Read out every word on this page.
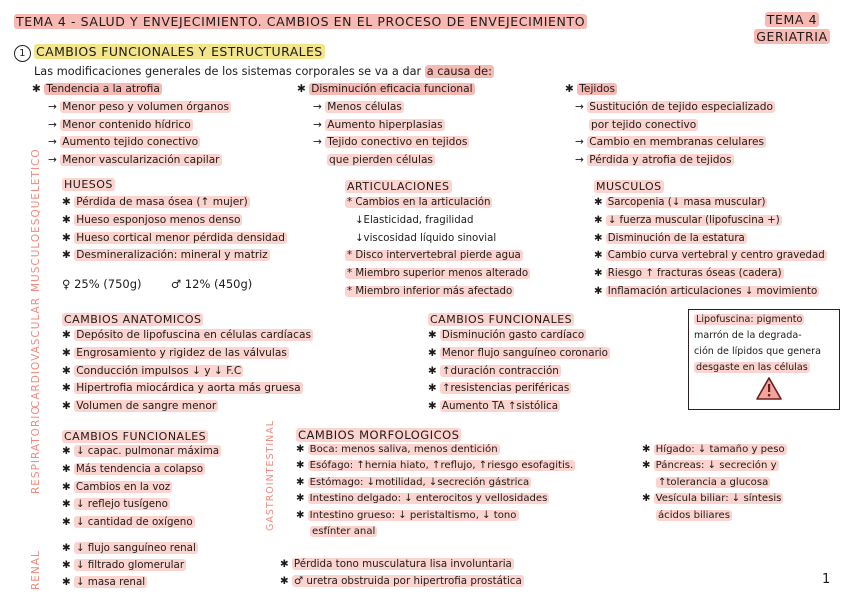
TEMA 4 - SALUD Y ENVEJECIMIENTO. CAMBIOS EN EL PROCESO DE ENVEJECIMIENTO	TEMA 4
GERIATRIA
1 CAMBIOS FUNCIONALES Y ESTRUCTURALES
Las modificaciones generales de los sistemas corporales se va a dar a causa de:
✱ Tendencia a la atrofia
→ Menor peso y volumen órganos
→ Menor contenido hídrico
→ Aumento tejido conectivo
→ Menor vascularización capilar
✱ Disminución eficacia funcional
→ Menos células
→ Aumento hiperplasias
→ Tejido conectivo en tejidos
que pierden células
✱ Tejidos
→ Sustitución de tejido especializado
por tejido conectivo
→ Cambio en membranas celulares
→ Pérdida y atrofia de tejidos
MUSCULOESQUELETICO HUESOS
✱ Pérdida de masa ósea (↑ mujer)
✱ Hueso esponjoso menos denso
✱ Hueso cortical menor pérdida densidad
✱ Desmineralización: mineral y matriz
♀ 25% (750g)	♂ 12% (450g)
ARTICULACIONES
* Cambios en la articulación
↓Elasticidad, fragilidad
↓viscosidad líquido sinovial
* Disco intervertebral pierde agua
* Miembro superior menos alterado
* Miembro inferior más afectado
MUSCULOS
✱ Sarcopenia (↓ masa muscular)
✱ ↓ fuerza muscular (lipofuscina +)
✱ Disminución de la estatura
✱ Cambio curva vertebral y centro gravedad
✱ Riesgo ↑ fracturas óseas (cadera)
✱ Inflamación articulaciones ↓ movimiento
CARDIOVASCULAR CAMBIOS ANATOMICOS
✱ Depósito de lipofuscina en células cardíacas
✱ Engrosamiento y rigidez de las válvulas
✱ Conducción impulsos ↓ y ↓ F.C
✱ Hipertrofia miocárdica y aorta más gruesa
✱ Volumen de sangre menor
CAMBIOS FUNCIONALES
✱ Disminución gasto cardíaco
✱ Menor flujo sanguíneo coronario
✱ ↑duración contracción
✱ ↑resistencias periféricas
✱ Aumento TA ↑sistólica
Lipofuscina: pigmento
marrón de la degrada-
ción de lípidos que genera
desgaste en las células
RESPIRATORIO CAMBIOS FUNCIONALES
✱ ↓ capac. pulmonar máxima
✱ Más tendencia a colapso
✱ Cambios en la voz
✱ ↓ reflejo tusígeno
✱ ↓ cantidad de oxígeno	GASTROINTESTINAL CAMBIOS MORFOLOGICOS
✱ Boca: menos saliva, menos dentición
✱ Esófago: ↑hernia hiato, ↑reflujo, ↑riesgo esofagitis.
✱ Estómago: ↓motilidad, ↓secreción gástrica
✱ Intestino delgado: ↓ enterocitos y vellosidades
✱ Intestino grueso: ↓ peristaltismo, ↓ tono
esfínter anal
✱ Hígado: ↓ tamaño y peso
✱ Páncreas: ↓ secreción y
↑tolerancia a glucosa
✱ Vesícula biliar: ↓ síntesis
ácidos biliares
RENAL
✱ ↓ flujo sanguíneo renal
✱ ↓ filtrado glomerular
✱ ↓ masa renal
✱ Pérdida tono musculatura lisa involuntaria
✱ ♂ uretra obstruida por hipertrofia prostática	1
